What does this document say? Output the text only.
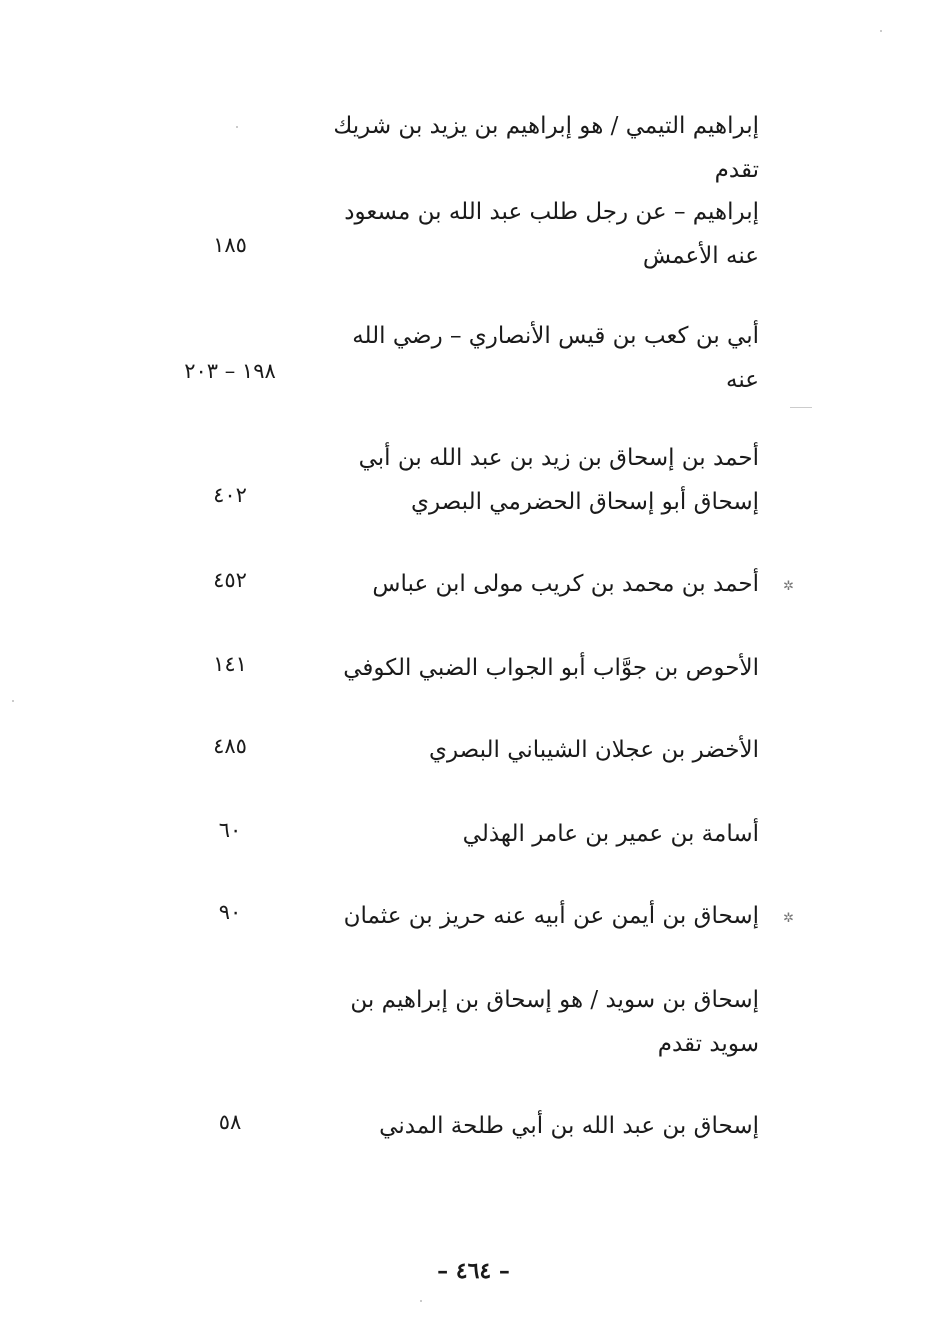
إبراهيم التيمي / هو إبراهيم بن يزيد بن شريك
تقدم
إبراهيم – عن رجل طلب عبد الله بن مسعود
عنه الأعمش
١٨٥
أبي بن كعب بن قيس الأنصاري – رضي الله
عنه
١٩٨ – ٢٠٣
أحمد بن إسحاق بن زيد بن عبد الله بن أبي
إسحاق أبو إسحاق الحضرمي البصري
٤٠٢
أحمد بن محمد بن كريب مولى ابن عباس ✲
٤٥٢
الأحوص بن جوَّاب أبو الجواب الضبي الكوفي
١٤١
الأخضر بن عجلان الشيباني البصري
٤٨٥
أسامة بن عمير بن عامر الهذلي
٦٠
إسحاق بن أيمن عن أبيه عنه حريز بن عثمان ✲
٩٠
إسحاق بن سويد / هو إسحاق بن إبراهيم بن
سويد تقدم
إسحاق بن عبد الله بن أبي طلحة المدني
٥٨
– ٤٦٤ –
